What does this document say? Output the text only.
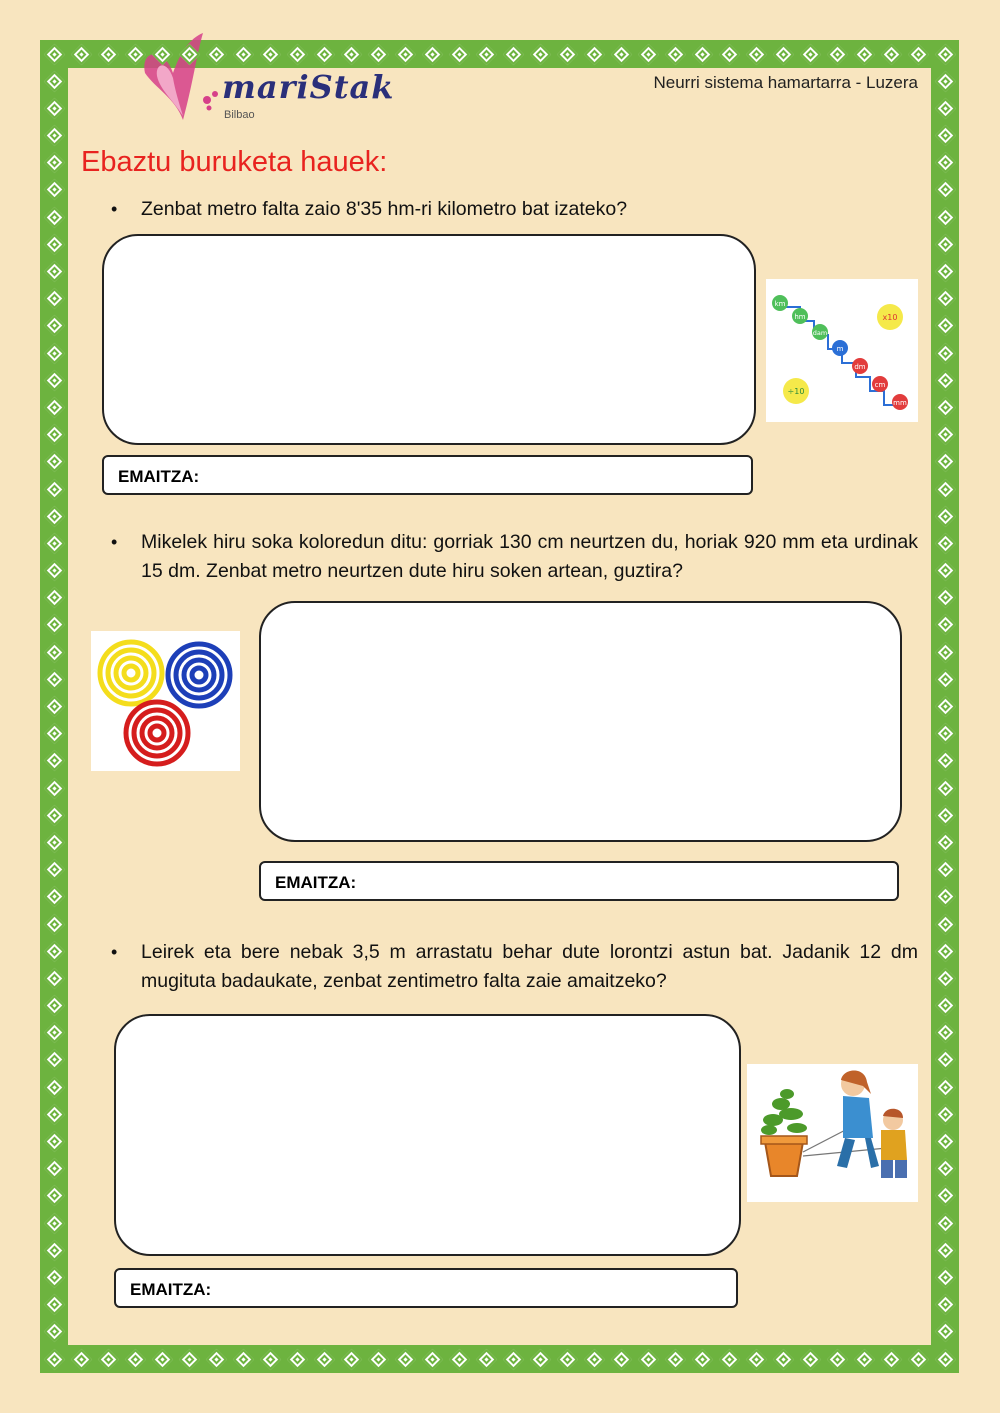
mariStak
Bilbao
Neurri sistema hamartarra - Luzera
Ebaztu buruketa hauek:
• Zenbat metro falta zaio 8'35 hm-ri kilometro bat izateko?
EMAITZA:
km
hm
dam
m
dm
cm
mm
x10
÷10
• Mikelek hiru soka koloredun ditu: gorriak 130 cm neurtzen du, horiak 920 mm eta urdinak 15 dm. Zenbat metro neurtzen dute hiru soken artean, guztira?
EMAITZA:
• Leirek eta bere nebak 3,5 m arrastatu behar dute lorontzi astun bat. Jadanik 12 dm mugituta badaukate, zenbat zentimetro falta zaie amaitzeko?
EMAITZA:
